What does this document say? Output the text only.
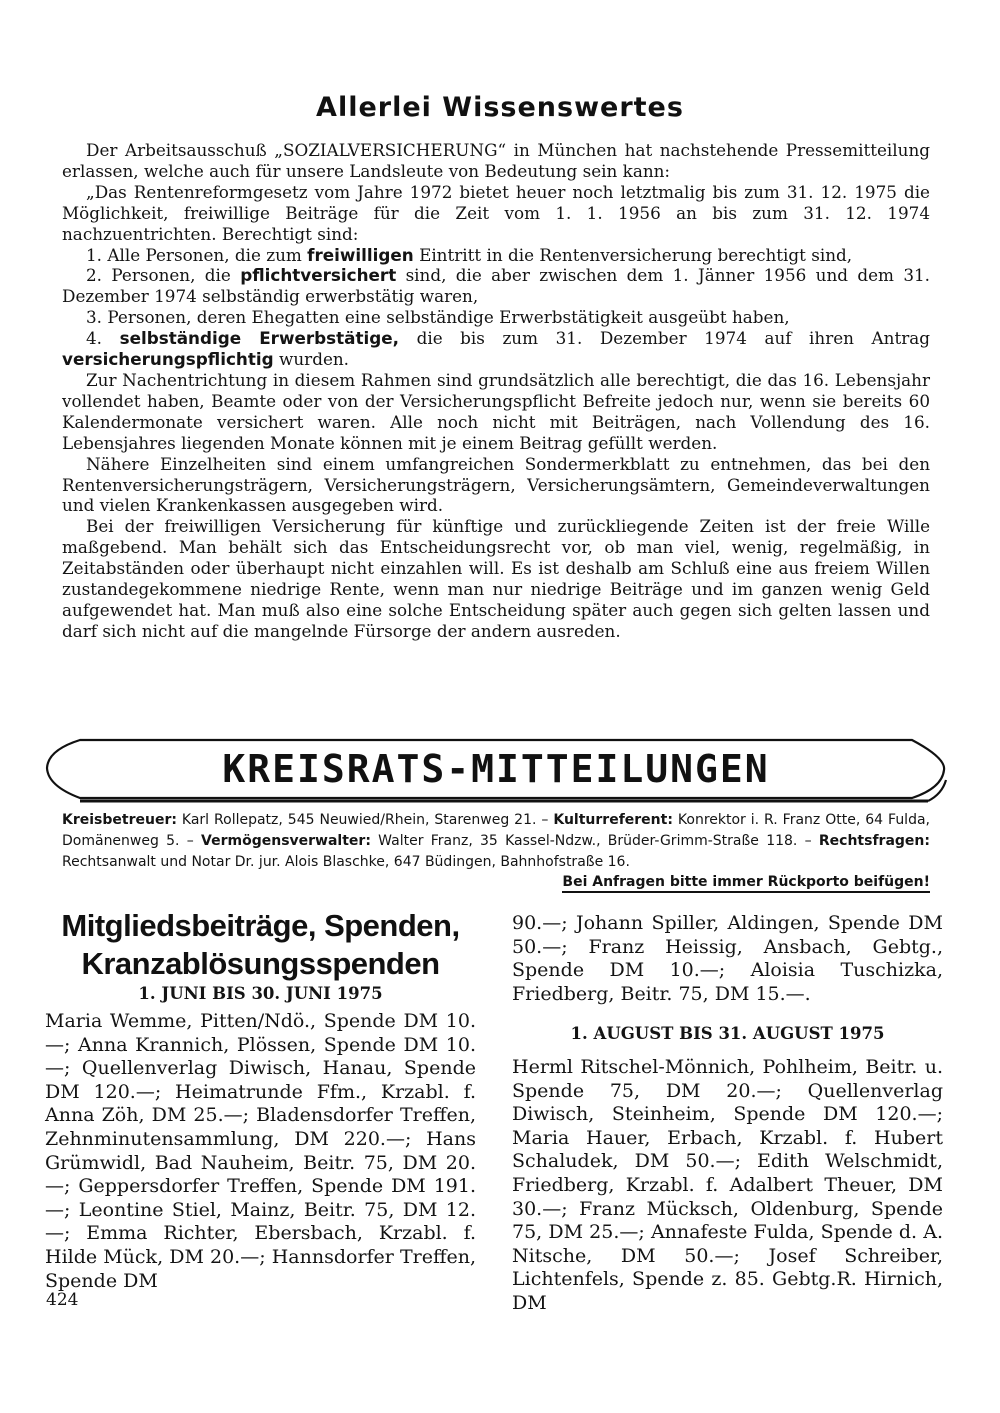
Allerlei Wissenswertes

Der Arbeitsausschuß „SOZIALVERSICHERUNG“ in München hat nachstehende Pressemitteilung erlassen, welche auch für unsere Landsleute von Bedeutung sein kann:

„Das Rentenreformgesetz vom Jahre 1972 bietet heuer noch letztmalig bis zum 31. 12. 1975 die Möglichkeit, freiwillige Beiträge für die Zeit vom 1. 1. 1956 an bis zum 31. 12. 1974 nachzuentrichten. Berechtigt sind:

1. Alle Personen, die zum freiwilligen Eintritt in die Rentenversicherung berechtigt sind,

2. Personen, die pflichtversichert sind, die aber zwischen dem 1. Jänner 1956 und dem 31. Dezember 1974 selbständig erwerbstätig waren,

3. Personen, deren Ehegatten eine selbständige Erwerbstätigkeit ausgeübt haben,

4. selbständige Erwerbstätige, die bis zum 31. Dezember 1974 auf ihren Antrag versicherungspflichtig wurden.

Zur Nachentrichtung in diesem Rahmen sind grundsätzlich alle berechtigt, die das 16. Lebensjahr vollendet haben, Beamte oder von der Versicherungspflicht Befreite jedoch nur, wenn sie bereits 60 Kalendermonate versichert waren. Alle noch nicht mit Beiträgen, nach Vollendung des 16. Lebensjahres liegenden Monate können mit je einem Beitrag gefüllt werden.

Nähere Einzelheiten sind einem umfangreichen Sondermerkblatt zu entnehmen, das bei den Rentenversicherungsträgern, Versicherungsträgern, Versicherungsämtern, Gemeindeverwaltungen und vielen Krankenkassen ausgegeben wird.

Bei der freiwilligen Versicherung für künftige und zurückliegende Zeiten ist der freie Wille maßgebend. Man behält sich das Entscheidungsrecht vor, ob man viel, wenig, regelmäßig, in Zeitabständen oder überhaupt nicht einzahlen will. Es ist deshalb am Schluß eine aus freiem Willen zustandegekommene niedrige Rente, wenn man nur niedrige Beiträge und im ganzen wenig Geld aufgewendet hat. Man muß also eine solche Entscheidung später auch gegen sich gelten lassen und darf sich nicht auf die mangelnde Fürsorge der andern ausreden.

KREISRATS-MITTEILUNGEN
Kreisbetreuer: Karl Rollepatz, 545 Neuwied/Rhein, Starenweg 21. – Kulturreferent: Konrektor i. R. Franz Otte, 64 Fulda, Domänenweg 5. – Vermögensverwalter: Walter Franz, 35 Kassel-Ndzw., Brüder-Grimm-Straße 118. – Rechtsfragen: Rechtsanwalt und Notar Dr. jur. Alois Blaschke, 647 Büdingen, Bahnhofstraße 16.
Bei Anfragen bitte immer Rückporto beifügen!
Mitgliedsbeiträge, Spenden,
Kranzablösungsspenden
1. JUNI BIS 30. JUNI 1975
Maria Wemme, Pitten/Ndö., Spende DM 10.—; Anna Krannich, Plössen, Spende DM 10.—; Quellenverlag Diwisch, Hanau, Spende DM 120.—; Heimatrunde Ffm., Krzabl. f. Anna Zöh, DM 25.—; Bladensdorfer Treffen, Zehnminutensammlung, DM 220.—; Hans Grümwidl, Bad Nauheim, Beitr. 75, DM 20.—; Geppersdorfer Treffen, Spende DM 191.—; Leontine Stiel, Mainz, Beitr. 75, DM 12.—; Emma Richter, Ebersbach, Krzabl. f. Hilde Mück, DM 20.—; Hannsdorfer Treffen, Spende DM
90.—; Johann Spiller, Aldingen, Spende DM 50.—; Franz Heissig, Ansbach, Gebtg., Spende DM 10.—; Aloisia Tuschizka, Friedberg, Beitr. 75, DM 15.—.
1. AUGUST BIS 31. AUGUST 1975
Herml Ritschel-Mönnich, Pohlheim, Beitr. u. Spende 75, DM 20.—; Quellenverlag Diwisch, Steinheim, Spende DM 120.—; Maria Hauer, Erbach, Krzabl. f. Hubert Schaludek, DM 50.—; Edith Welschmidt, Friedberg, Krzabl. f. Adalbert Theuer, DM 30.—; Franz Mücksch, Oldenburg, Spende 75, DM 25.—; Annafeste Fulda, Spende d. A. Nitsche, DM 50.—; Josef Schreiber, Lichtenfels, Spende z. 85. Gebtg.R. Hirnich, DM
424
